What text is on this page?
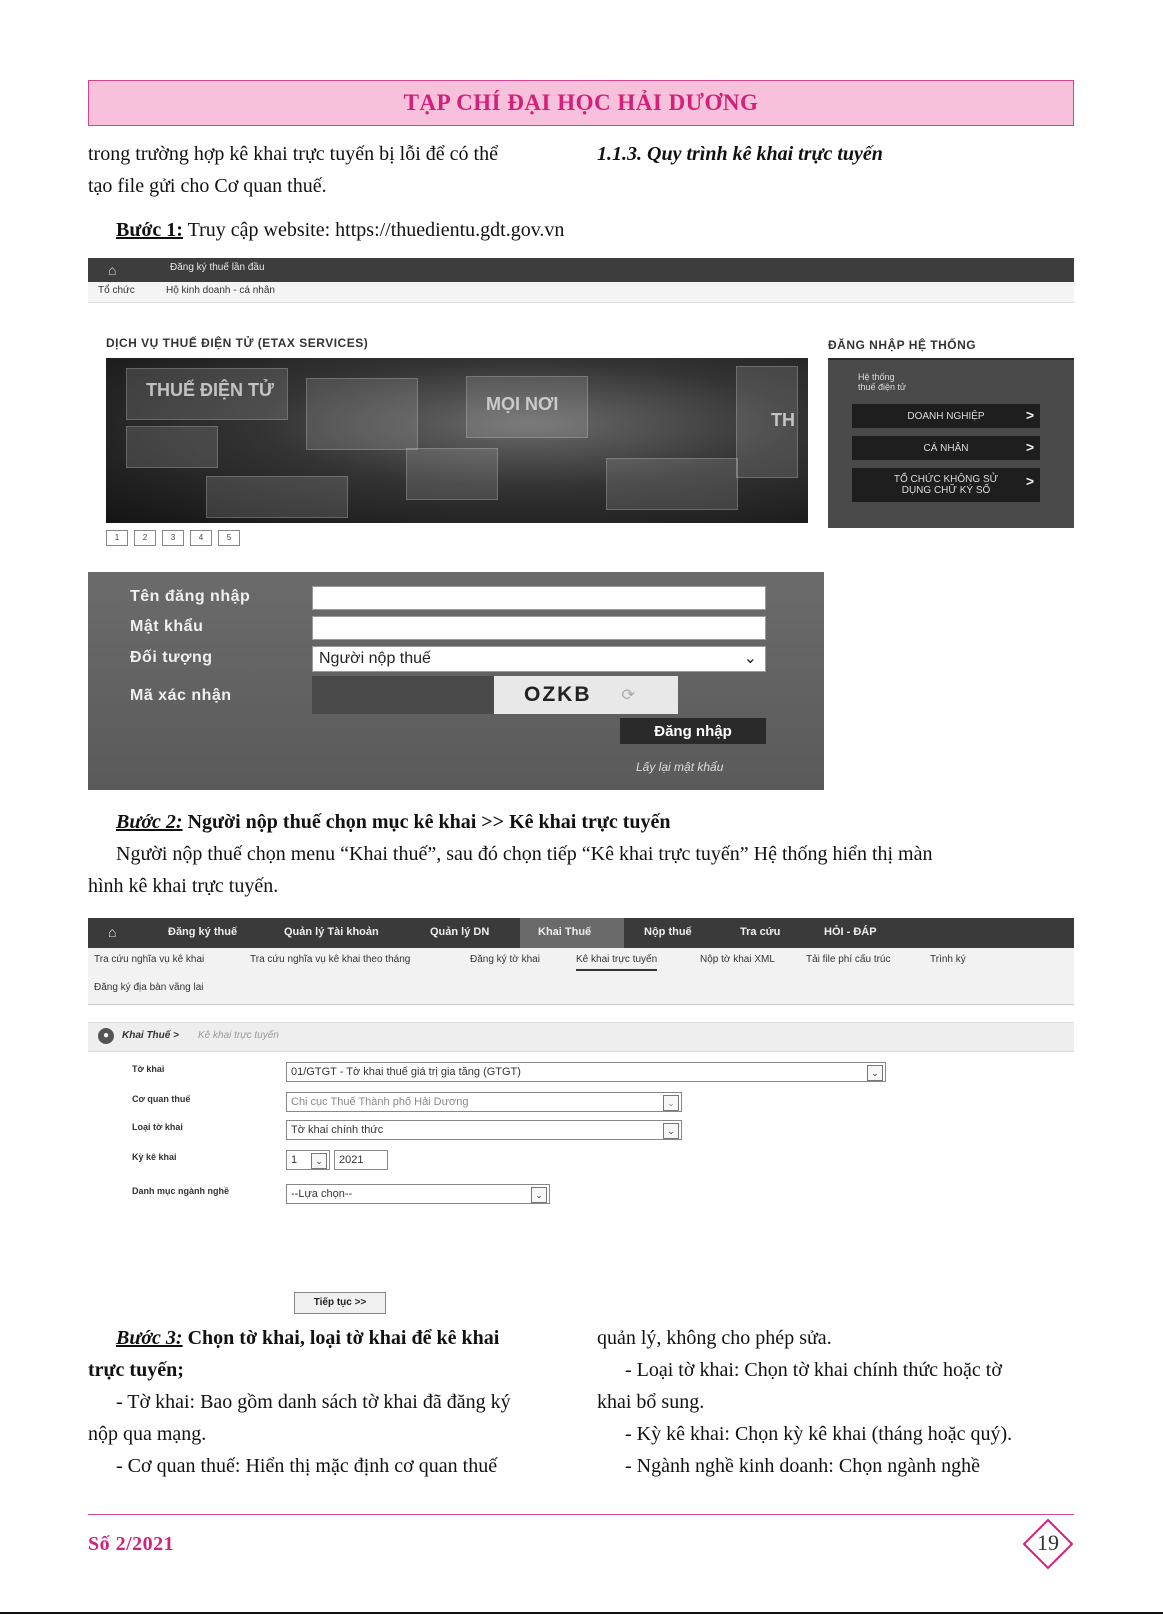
TẠP CHÍ ĐẠI HỌC HẢI DƯƠNG
trong trường hợp kê khai trực tuyến bị lỗi để có thể
tạo file gửi cho Cơ quan thuế.
1.1.3. Quy trình kê khai trực tuyến
Bước 1: Truy cập website: https://thuedientu.gdt.gov.vn
⌂	Đăng ký thuế lần đầu
Tổ chức	Hộ kinh doanh - cá nhân
DỊCH VỤ THUẾ ĐIỆN TỬ (ETAX SERVICES)
THUẾ ĐIỆN TỬ
MỌI NƠI
TH
1	2	3	4	5
ĐĂNG NHẬP HỆ THỐNG
Hệ thống
thuế điện tử
DOANH NGHIỆP	>
CÁ NHÂN	>
TỔ CHỨC KHÔNG SỬ
DỤNG CHỮ KÝ SỐ
>
Tên đăng nhập
Mật khẩu
Đối tượng	Người nộp thuế	⌄
Mã xác nhận	OZKB ⟳
Đăng nhập
Lấy lại mật khẩu
Bước 2: Người nộp thuế chọn mục kê khai >> Kê khai trực tuyến
Người nộp thuế chọn menu “Khai thuế”, sau đó chọn tiếp “Kê khai trực tuyến” Hệ thống hiển thị màn
hình kê khai trực tuyến.
⌂	Đăng ký thuế	Quản lý Tài khoản	Quản lý DN	Khai Thuế	Nộp thuế	Tra cứu	HỎI - ĐÁP
Tra cứu nghĩa vụ kê khai	Tra cứu nghĩa vụ kê khai theo tháng	Đăng ký tờ khai	Kê khai trực tuyến	Nộp tờ khai XML	Tải file phí cấu trúc	Trình ký
Đăng ký địa bàn vãng lai
●	Khai Thuế > Kê khai trực tuyến
Tờ khai	01/GTGT - Tờ khai thuế giá trị gia tăng (GTGT)	⌄
Cơ quan thuế	Chi cục Thuế Thành phố Hải Dương	⌄
Loại tờ khai	Tờ khai chính thức	⌄
Kỳ kê khai	1	⌄	2021
Danh mục ngành nghề	--Lựa chọn--	⌄
Tiếp tục >>
Bước 3: Chọn tờ khai, loại tờ khai để kê khai
trực tuyến;
- Tờ khai: Bao gồm danh sách tờ khai đã đăng ký
nộp qua mạng.
- Cơ quan thuế: Hiển thị mặc định cơ quan thuế
quản lý, không cho phép sửa.
- Loại tờ khai: Chọn tờ khai chính thức hoặc tờ
khai bổ sung.
- Kỳ kê khai: Chọn kỳ kê khai (tháng hoặc quý).
- Ngành nghề kinh doanh: Chọn ngành nghề
Số 2/2021	19
